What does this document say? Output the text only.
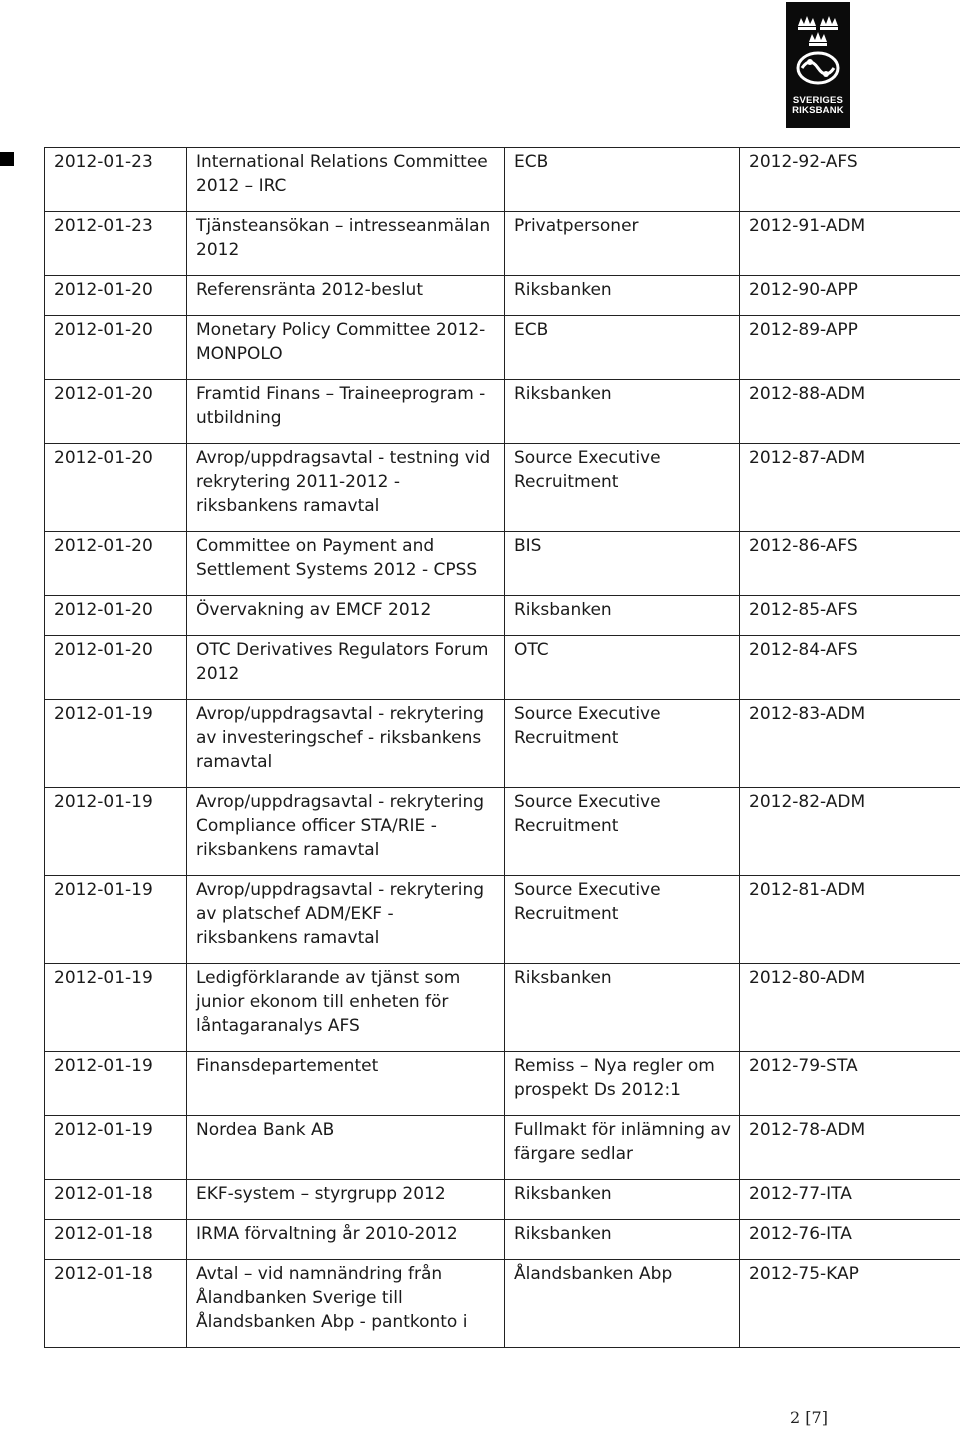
SVERIGES
RIKSBANK
2012-01-23	International Relations Committee 2012 – IRC	ECB	2012-92-AFS
2012-01-23	Tjänsteansökan – intresseanmälan 2012	Privatpersoner	2012-91-ADM
2012-01-20	Referensränta 2012-beslut	Riksbanken	2012-90-APP
2012-01-20	Monetary Policy Committee 2012- MONPOLO	ECB	2012-89-APP
2012-01-20	Framtid Finans – Traineeprogram - utbildning	Riksbanken	2012-88-ADM
2012-01-20	Avrop/uppdragsavtal - testning vid rekrytering 2011-2012 - riksbankens ramavtal	Source Executive Recruitment	2012-87-ADM
2012-01-20	Committee on Payment and Settlement Systems 2012 - CPSS	BIS	2012-86-AFS
2012-01-20	Övervakning av EMCF 2012	Riksbanken	2012-85-AFS
2012-01-20	OTC Derivatives Regulators Forum 2012	OTC	2012-84-AFS
2012-01-19	Avrop/uppdragsavtal - rekrytering av investeringschef - riksbankens ramavtal	Source Executive Recruitment	2012-83-ADM
2012-01-19	Avrop/uppdragsavtal - rekrytering Compliance officer STA/RIE - riksbankens ramavtal	Source Executive Recruitment	2012-82-ADM
2012-01-19	Avrop/uppdragsavtal - rekrytering av platschef ADM/EKF - riksbankens ramavtal	Source Executive Recruitment	2012-81-ADM
2012-01-19	Ledigförklarande av tjänst som junior ekonom till enheten för låntagaranalys AFS	Riksbanken	2012-80-ADM
2012-01-19	Finansdepartementet	Remiss – Nya regler om prospekt Ds 2012:1	2012-79-STA
2012-01-19	Nordea Bank AB	Fullmakt för inlämning av färgare sedlar	2012-78-ADM
2012-01-18	EKF-system – styrgrupp 2012	Riksbanken	2012-77-ITA
2012-01-18	IRMA förvaltning år 2010-2012	Riksbanken	2012-76-ITA
2012-01-18	Avtal – vid namnändring från Ålandbanken Sverige till Ålandsbanken Abp - pantkonto i	Ålandsbanken Abp	2012-75-KAP
2 [7]
